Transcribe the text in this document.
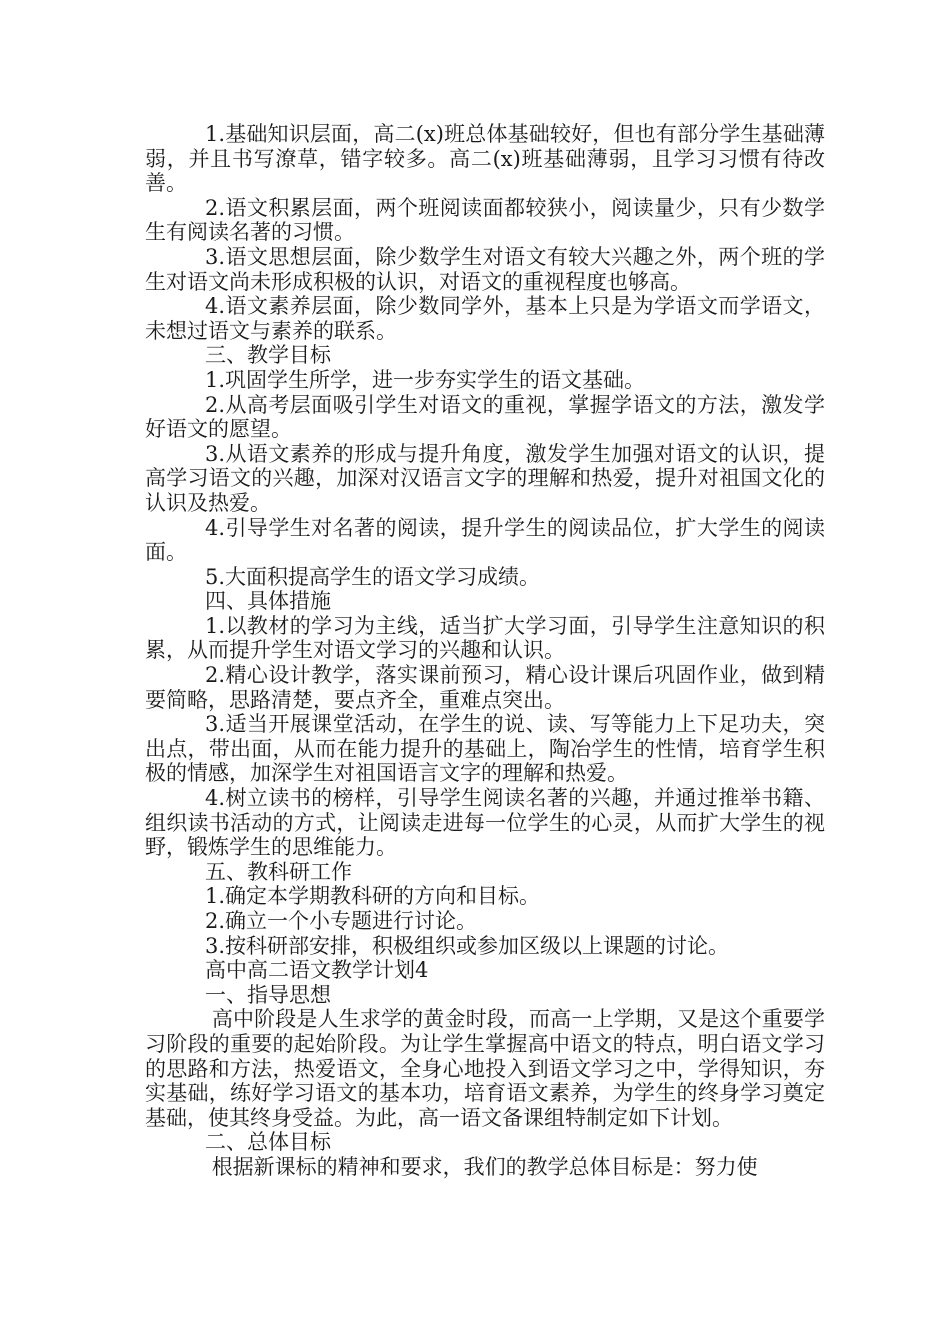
1.基础知识层面，高二(x)班总体基础较好，但也有部分学生基础薄弱，并且书写潦草，错字较多。高二(x)班基础薄弱，且学习习惯有待改善。

2.语文积累层面，两个班阅读面都较狭小，阅读量少，只有少数学生有阅读名著的习惯。

3.语文思想层面，除少数学生对语文有较大兴趣之外，两个班的学生对语文尚未形成积极的认识，对语文的重视程度也够高。

4.语文素养层面，除少数同学外，基本上只是为学语文而学语文，未想过语文与素养的联系。

三、教学目标

1.巩固学生所学，进一步夯实学生的语文基础。

2.从高考层面吸引学生对语文的重视，掌握学语文的方法，激发学好语文的愿望。

3.从语文素养的形成与提升角度，激发学生加强对语文的认识，提高学习语文的兴趣，加深对汉语言文字的理解和热爱，提升对祖国文化的认识及热爱。

4.引导学生对名著的阅读，提升学生的阅读品位，扩大学生的阅读面。

5.大面积提高学生的语文学习成绩。

四、具体措施

1.以教材的学习为主线，适当扩大学习面，引导学生注意知识的积累，从而提升学生对语文学习的兴趣和认识。

2.精心设计教学，落实课前预习，精心设计课后巩固作业，做到精要简略，思路清楚，要点齐全，重难点突出。

3.适当开展课堂活动，在学生的说、读、写等能力上下足功夫，突出点，带出面，从而在能力提升的基础上，陶冶学生的性情，培育学生积极的情感，加深学生对祖国语言文字的理解和热爱。

4.树立读书的榜样，引导学生阅读名著的兴趣，并通过推举书籍、组织读书活动的方式，让阅读走进每一位学生的心灵，从而扩大学生的视野，锻炼学生的思维能力。

五、教科研工作

1.确定本学期教科研的方向和目标。

2.确立一个小专题进行讨论。

3.按科研部安排，积极组织或参加区级以上课题的讨论。

高中高二语文教学计划4

一、指导思想

高中阶段是人生求学的黄金时段，而高一上学期，又是这个重要学习阶段的重要的起始阶段。为让学生掌握高中语文的特点，明白语文学习的思路和方法，热爱语文，全身心地投入到语文学习之中，学得知识，夯实基础，练好学习语文的基本功，培育语文素养，为学生的终身学习奠定基础，使其终身受益。为此，高一语文备课组特制定如下计划。

二、总体目标

根据新课标的精神和要求，我们的教学总体目标是：努力使
